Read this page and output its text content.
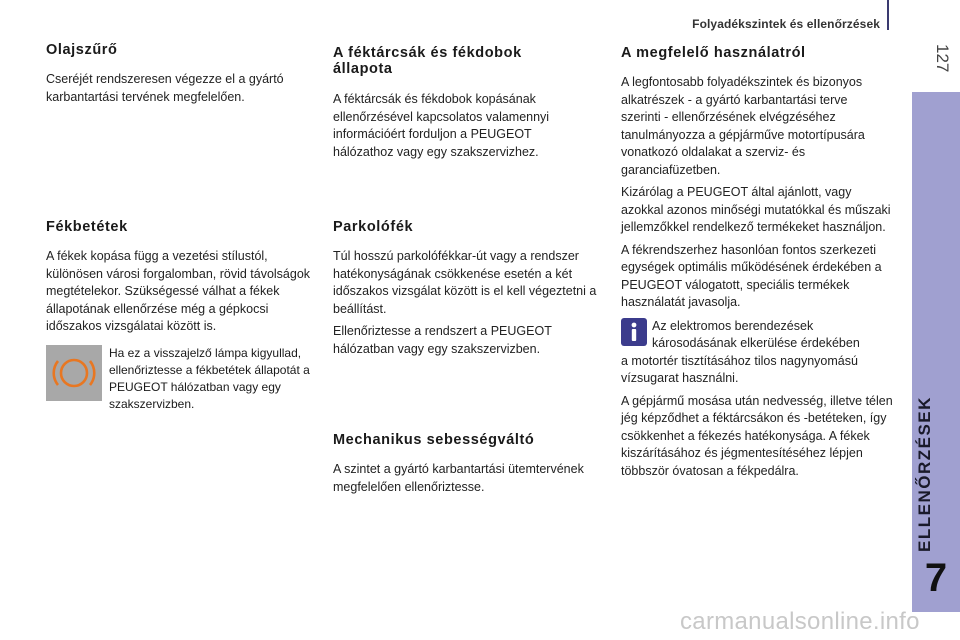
Folyadékszintek és ellenőrzések
127
ELLENŐRZÉSEK
7
Olajszűrő

Cseréjét rendszeresen végezze el a gyártó karbantartási tervének megfelelően.

Fékbetétek

A fékek kopása függ a vezetési stílustól, különösen városi forgalomban, rövid távolságok megtételekor. Szükségessé válhat a fékek állapotának ellenőrzése még a gépkocsi időszakos vizsgálatai között is.

Ha ez a visszajelző lámpa kigyullad, ellenőriztesse a fékbetétek állapotát a PEUGEOT hálózatban vagy egy szakszervizben.
A féktárcsák és fékdobok állapota

A féktárcsák és fékdobok kopásának ellenőrzésével kapcsolatos valamennyi információért forduljon a PEUGEOT hálózathoz vagy egy szakszervizhez.

Parkolófék

Túl hosszú parkolófékkar-út vagy a rendszer hatékonyságának csökkenése esetén a két időszakos vizsgálat között is el kell végeztetni a beállítást.

Ellenőriztesse a rendszert a PEUGEOT hálózatban vagy egy szakszervizben.

Mechanikus sebességváltó

A szintet a gyártó karbantartási ütemtervének megfelelően ellenőriztesse.

A megfelelő használatról

A legfontosabb folyadékszintek és bizonyos alkatrészek - a gyártó karbantartási terve szerinti - ellenőrzésének elvégzéséhez tanulmányozza a gépjárműve motortípusára vonatkozó oldalakat a szerviz- és garanciafüzetben.

Kizárólag a PEUGEOT által ajánlott, vagy azokkal azonos minőségi mutatókkal és műszaki jellemzőkkel rendelkező termékeket használjon.

A fékrendszerhez hasonlóan fontos szerkezeti egységek optimális működésének érdekében a PEUGEOT válogatott, speciális termékek használatát javasolja.

Az elektromos berendezések károsodásának elkerülése érdekében

a motortér tisztításához tilos nagynyomású vízsugarat használni.

A gépjármű mosása után nedvesség, illetve télen jég képződhet a féktárcsákon és -betéteken, így csökkenhet a fékezés hatékonysága. A fékek kiszárításához és jégmentesítéséhez lépjen többször óvatosan a fékpedálra.

carmanualsonline.info
